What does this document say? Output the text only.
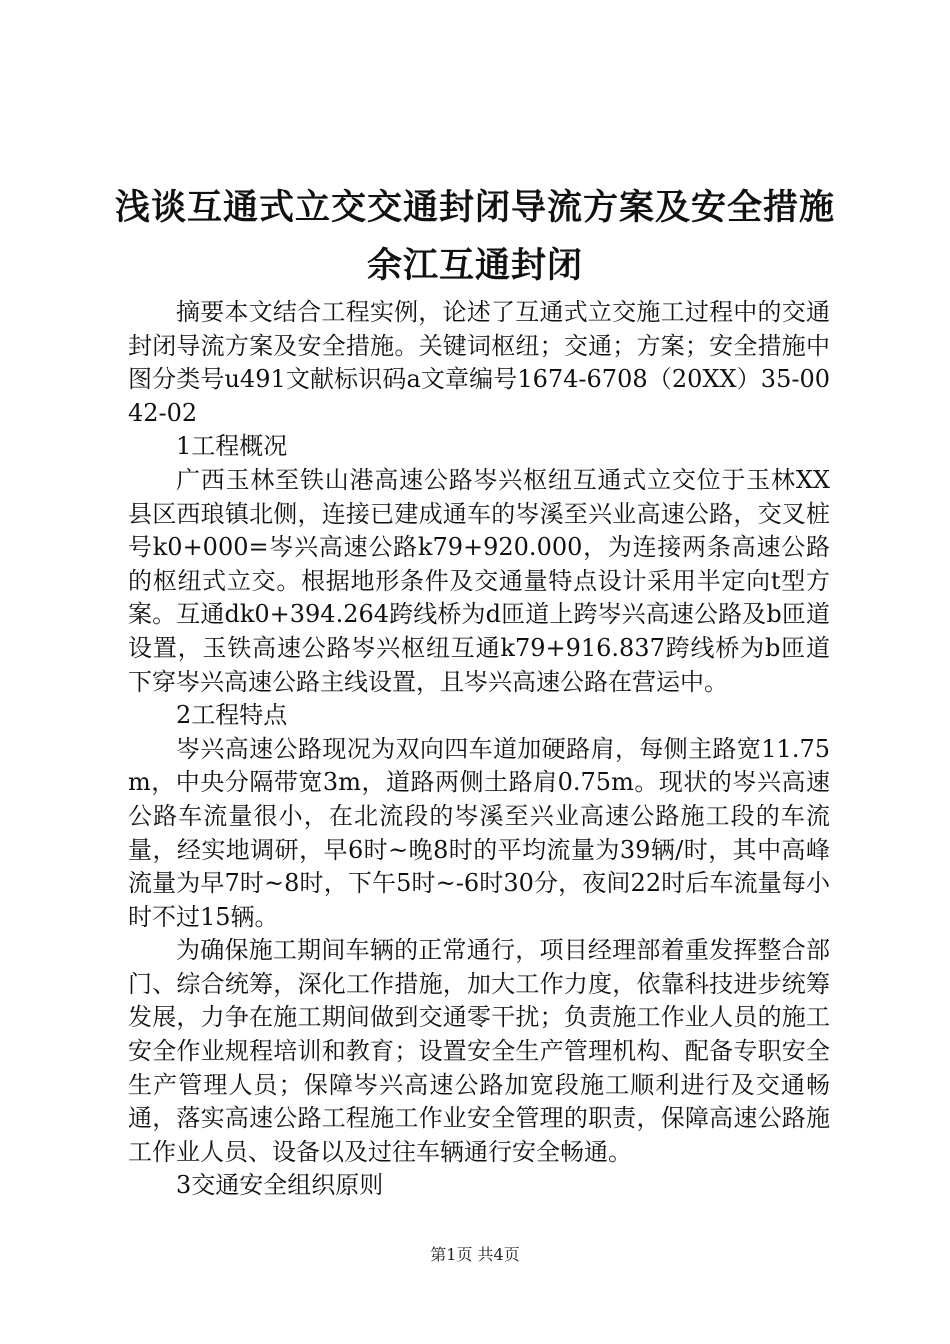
浅谈互通式立交交通封闭导流方案及安全措施
余江互通封闭

摘要本文结合工程实例，论述了互通式立交施工过程中的交通封闭导流方案及安全措施。关键词枢纽；交通；方案；安全措施中图分类号u491文献标识码a文章编号1674-6708（20XX）35-0042-02

1工程概况

广西玉林至铁山港高速公路岑兴枢纽互通式立交位于玉林XX县区西琅镇北侧，连接已建成通车的岑溪至兴业高速公路，交叉桩号k0+000=岑兴高速公路k79+920.000，为连接两条高速公路的枢纽式立交。根据地形条件及交通量特点设计采用半定向t型方案。互通dk0+394.264跨线桥为d匝道上跨岑兴高速公路及b匝道设置，玉铁高速公路岑兴枢纽互通k79+916.837跨线桥为b匝道下穿岑兴高速公路主线设置，且岑兴高速公路在营运中。

2工程特点

岑兴高速公路现况为双向四车道加硬路肩，每侧主路宽11.75m，中央分隔带宽3m，道路两侧土路肩0.75m。现状的岑兴高速公路车流量很小，在北流段的岑溪至兴业高速公路施工段的车流量，经实地调研，早6时~晚8时的平均流量为39辆/时，其中高峰流量为早7时~8时，下午5时~-6时30分，夜间22时后车流量每小时不过15辆。

为确保施工期间车辆的正常通行，项目经理部着重发挥整合部门、综合统筹，深化工作措施，加大工作力度，依靠科技进步统筹发展，力争在施工期间做到交通零干扰；负责施工作业人员的施工安全作业规程培训和教育；设置安全生产管理机构、配备专职安全生产管理人员；保障岑兴高速公路加宽段施工顺利进行及交通畅通，落实高速公路工程施工作业安全管理的职责，保障高速公路施工作业人员、设备以及过往车辆通行安全畅通。

3交通安全组织原则

第1页 共4页
